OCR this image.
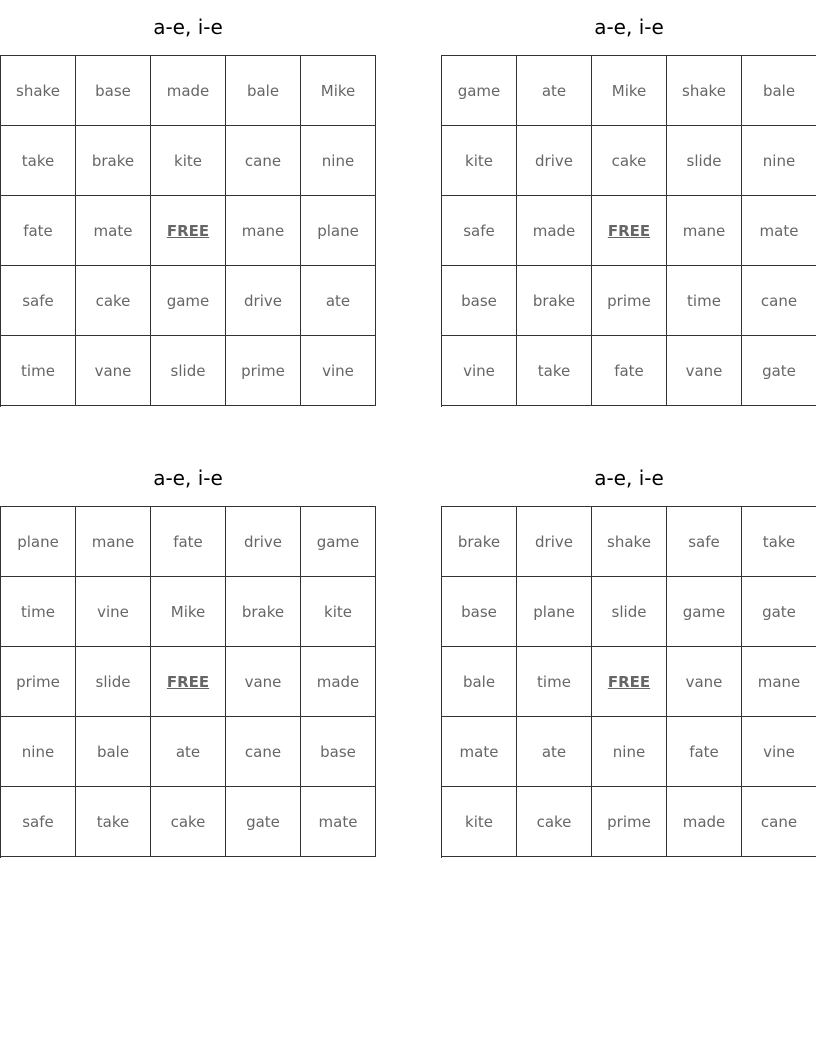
a-e, i-e
shake	base	made	bale	Mike
take	brake	kite	cane	nine
fate	mate	FREE	mane	plane
safe	cake	game	drive	ate
time	vane	slide	prime	vine
a-e, i-e
game	ate	Mike	shake	bale
kite	drive	cake	slide	nine
safe	made	FREE	mane	mate
base	brake	prime	time	cane
vine	take	fate	vane	gate
a-e, i-e
plane	mane	fate	drive	game
time	vine	Mike	brake	kite
prime	slide	FREE	vane	made
nine	bale	ate	cane	base
safe	take	cake	gate	mate
a-e, i-e
brake	drive	shake	safe	take
base	plane	slide	game	gate
bale	time	FREE	vane	mane
mate	ate	nine	fate	vine
kite	cake	prime	made	cane
